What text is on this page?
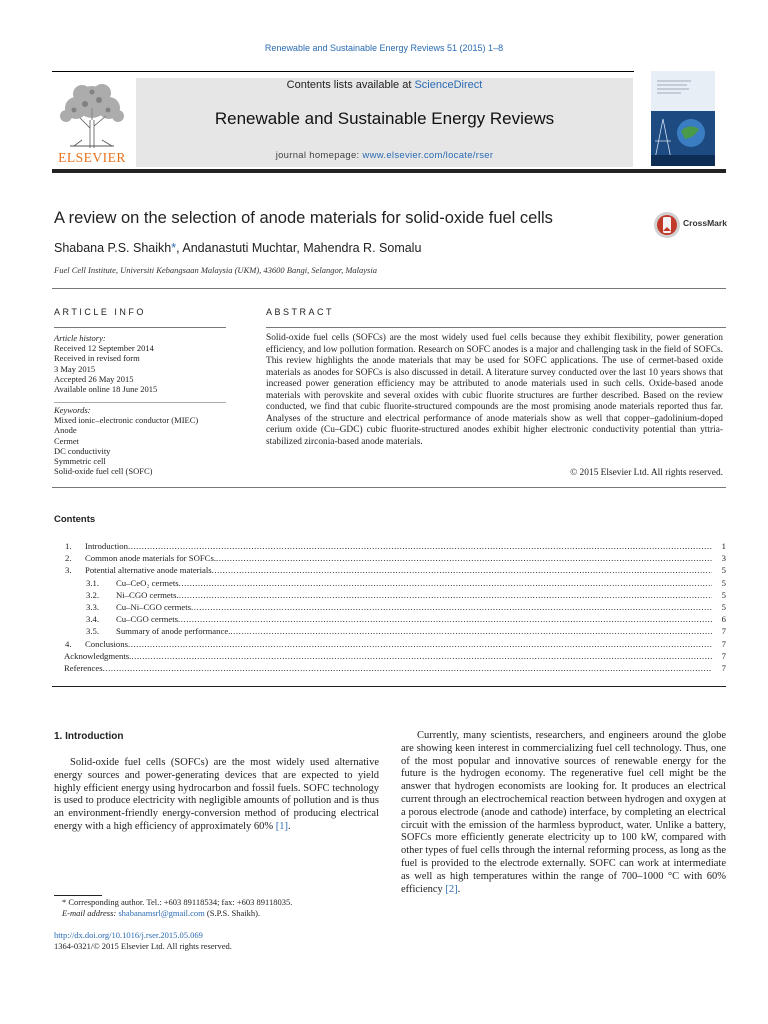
Renewable and Sustainable Energy Reviews 51 (2015) 1–8
ELSEVIER
Contents lists available at ScienceDirect
Renewable and Sustainable Energy Reviews
journal homepage: www.elsevier.com/locate/rser
A review on the selection of anode materials for solid-oxide fuel cells	CrossMark
Shabana P.S. Shaikh*, Andanastuti Muchtar, Mahendra R. Somalu
Fuel Cell Institute, Universiti Kebangsaan Malaysia (UKM), 43600 Bangi, Selangor, Malaysia
ARTICLE INFO	ABSTRACT
Article history:
Received 12 September 2014
Received in revised form
3 May 2015
Accepted 26 May 2015
Available online 18 June 2015
Keywords:
Mixed ionic–electronic conductor (MIEC)
Anode
Cermet
DC conductivity
Symmetric cell
Solid-oxide fuel cell (SOFC)
Solid-oxide fuel cells (SOFCs) are the most widely used fuel cells because they exhibit flexibility, power generation efficiency, and low pollution formation. Research on SOFC anodes is a major and challenging task in the field of SOFCs. This review highlights the anode materials that may be used for SOFC applications. The use of cermet-based oxide materials as anodes for SOFCs is also discussed in detail. A literature survey conducted over the last 10 years shows that increased power generation efficiency may be attributed to anode materials used in such cells. Oxide-based anode materials with perovskite and several oxides with cubic fluorite structures are further described. Based on the review conducted, we find that cubic fluorite-structured compounds are the most promising anode materials reported thus far. Analyses of the structure and electrical performance of anode materials show as well that copper–gadolinium-doped cerium oxide (Cu–GDC) cubic fluorite-structured anodes exhibit higher electronic conductivity potential than yttria-stabilized zirconia-based anode materials.
© 2015 Elsevier Ltd. All rights reserved.
Contents
1.	Introduction . . .	1
2.	Common anode materials for SOFCs. . . .	3
3.	Potential alternative anode materials . . .	5
3.1.	Cu–CeO₂ cermets . . .	5
3.2.	Ni–CGO cermets. . . .	5
3.3.	Cu–Ni–CGO cermets . . .	5
3.4.	Cu–CGO cermets . . .	6
3.5.	Summary of anode performance. . . .	7
4.	Conclusions . . .	7
Acknowledgments. . . .	7
References . . .	7
1. Introduction

Solid-oxide fuel cells (SOFCs) are the most widely used alternative energy sources and power-generating devices that are expected to yield highly efficient energy using hydrocarbon and fossil fuels. SOFC technology is used to produce electricity with negligible amounts of pollution and is thus an environment-friendly energy-conversion method of producing electrical energy with a high efficiency of approximately 60% [1].

Currently, many scientists, researchers, and engineers around the globe are showing keen interest in commercializing fuel cell technology. Thus, one of the most popular and innovative sources of renewable energy for the future is the hydrogen economy. The regenerative fuel cell might be the answer that hydrogen economists are looking for. It produces an electrical current through an electrochemical reaction between hydrogen and oxygen at a porous electrode (anode and cathode) interface, by completing an electrical circuit with the emission of the harmless byproduct, water. Unlike a battery, SOFCs more efficiently generate electricity up to 100 kW, compared with other types of fuel cells through the internal reforming process, as long as the fuel is provided to the electrode externally. SOFC can work at intermediate as well as high temperatures within the range of 700–1000 °C with 60% efficiency [2].

* Corresponding author. Tel.: +603 89118534; fax: +603 89118035.
E-mail address: shabanamsrl@gmail.com (S.P.S. Shaikh).
http://dx.doi.org/10.1016/j.rser.2015.05.069
1364-0321/© 2015 Elsevier Ltd. All rights reserved.
